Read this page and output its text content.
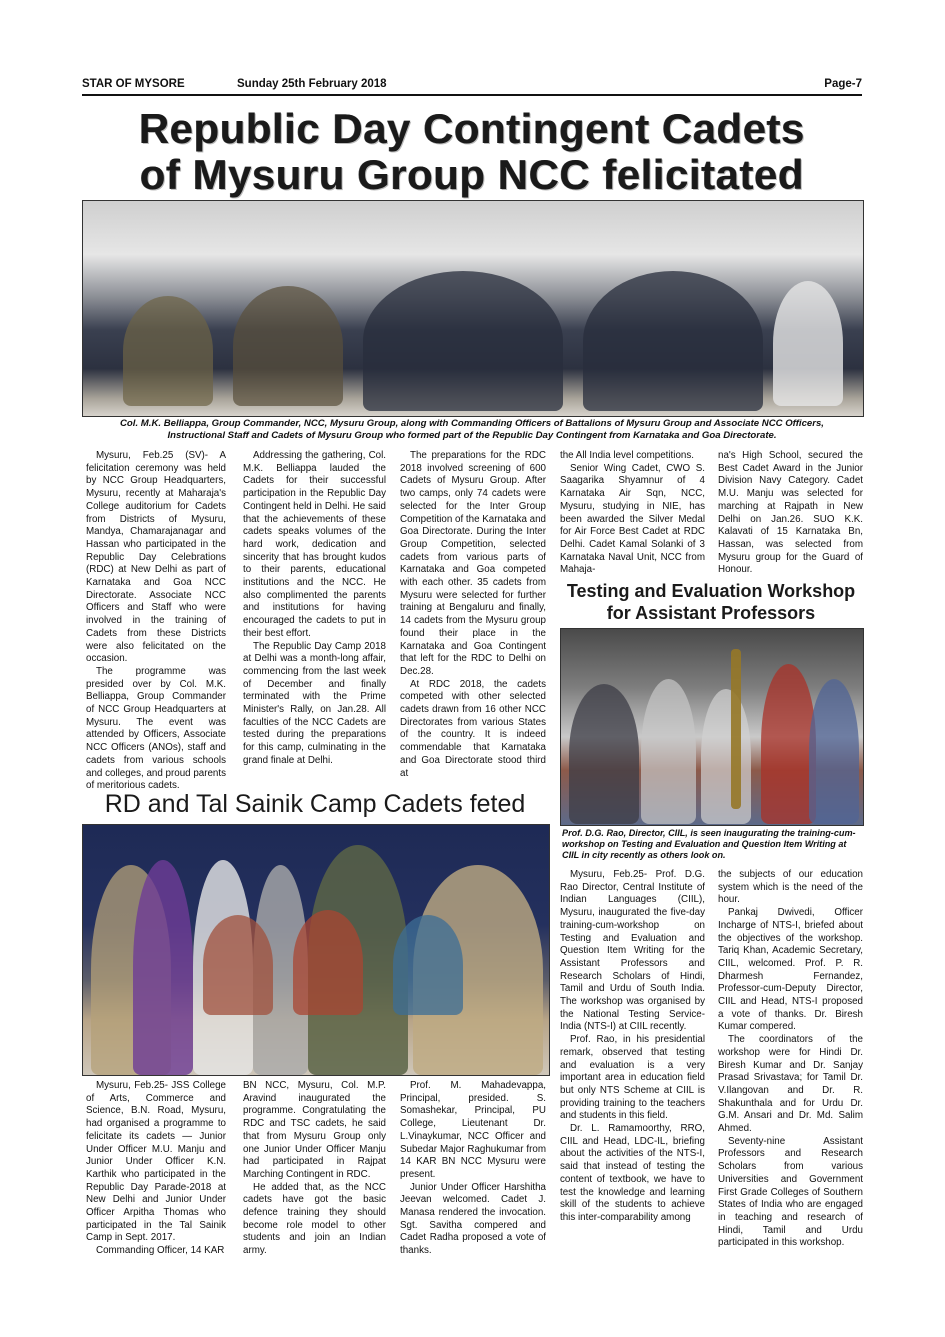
STAR OF MYSORE	Sunday 25th February 2018	Page-7
Republic Day Contingent Cadets
of Mysuru Group NCC felicitated
Col. M.K. Belliappa, Group Commander, NCC, Mysuru Group, along with Commanding Officers of Battalions of Mysuru Group and Associate NCC Officers,
Instructional Staff and Cadets of Mysuru Group who formed part of the Republic Day Contingent from Karnataka and Goa Directorate.

Mysuru, Feb.25 (SV)- A felicitation ceremony was held by NCC Group Headquarters, Mysuru, recently at Maharaja's College auditorium for Cadets from Districts of Mysuru, Mandya, Chamarajanagar and Hassan who participated in the Republic Day Celebrations (RDC) at New Delhi as part of Karnataka and Goa NCC Directorate. Associate NCC Officers and Staff who were involved in the training of Cadets from these Districts were also felicitated on the occasion.

The programme was presided over by Col. M.K. Belliappa, Group Commander of NCC Group Headquarters at Mysuru. The event was attended by Officers, Associate NCC Officers (ANOs), staff and cadets from various schools and colleges, and proud parents of meritorious cadets.

Addressing the gathering, Col. M.K. Belliappa lauded the Cadets for their successful participation in the Republic Day Contingent held in Delhi. He said that the achievements of these cadets speaks volumes of the hard work, dedication and sincerity that has brought kudos to their parents, educational institutions and the NCC. He also complimented the parents and institutions for having encouraged the cadets to put in their best effort.

The Republic Day Camp 2018 at Delhi was a month-long affair, commencing from the last week of December and finally terminated with the Prime Minister's Rally, on Jan.28. All faculties of the NCC Cadets are tested during the preparations for this camp, culminating in the grand finale at Delhi.

The preparations for the RDC 2018 involved screening of 600 Cadets of Mysuru Group. After two camps, only 74 cadets were selected for the Inter Group Competition of the Karnataka and Goa Directorate. During the Inter Group Competition, selected cadets from various parts of Karnataka and Goa competed with each other. 35 cadets from Mysuru were selected for further training at Bengaluru and finally, 14 cadets from the Mysuru group found their place in the Karnataka and Goa Contingent that left for the RDC to Delhi on Dec.28.

At RDC 2018, the cadets competed with other selected cadets drawn from 16 other NCC Directorates from various States of the country. It is indeed commendable that Karnataka and Goa Directorate stood third at

the All India level competitions.

Senior Wing Cadet, CWO S. Saagarika Shyamnur of 4 Karnataka Air Sqn, NCC, Mysuru, studying in NIE, has been awarded the Silver Medal for Air Force Best Cadet at RDC Delhi. Cadet Kamal Solanki of 3 Karnataka Naval Unit, NCC from Mahaja-

na's High School, secured the Best Cadet Award in the Junior Division Navy Category. Cadet M.U. Manju was selected for marching at Rajpath in New Delhi on Jan.26. SUO K.K. Kalavati of 15 Karnataka Bn, Hassan, was selected from Mysuru group for the Guard of Honour.

Testing and Evaluation Workshop
for Assistant Professors
Prof. D.G. Rao, Director, CIIL, is seen inaugurating the training-cum-workshop on Testing and Evaluation and Question Item Writing at CIIL in city recently as others look on.
RD and Tal Sainik Camp Cadets feted

Mysuru, Feb.25- JSS College of Arts, Commerce and Science, B.N. Road, Mysuru, had organised a programme to felicitate its cadets — Junior Under Officer M.U. Manju and Junior Under Officer K.N. Karthik who participated in the Republic Day Parade-2018 at New Delhi and Junior Under Officer Arpitha Thomas who participated in the Tal Sainik Camp in Sept. 2017.

Commanding Officer, 14 KAR

BN NCC, Mysuru, Col. M.P. Aravind inaugurated the programme. Congratulating the RDC and TSC cadets, he said that from Mysuru Group only one Junior Under Officer Manju had participated in Rajpat Marching Contingent in RDC.

He added that, as the NCC cadets have got the basic defence training they should become role model to other students and join an Indian army.

Prof. M. Mahadevappa, Principal, presided. S. Somashekar, Principal, PU College, Lieutenant Dr. L.Vinaykumar, NCC Officer and Subedar Major Raghukumar from 14 KAR BN NCC Mysuru were present.

Junior Under Officer Harshitha Jeevan welcomed. Cadet J. Manasa rendered the invocation. Sgt. Savitha compered and Cadet Radha proposed a vote of thanks.

Mysuru, Feb.25- Prof. D.G. Rao Director, Central Institute of Indian Languages (CIIL), Mysuru, inaugurated the five-day training-cum-workshop on Testing and Evaluation and Question Item Writing for the Assistant Professors and Research Scholars of Hindi, Tamil and Urdu of South India. The workshop was organised by the National Testing Service-India (NTS-I) at CIIL recently.

Prof. Rao, in his presidential remark, observed that testing and evaluation is a very important area in education field but only NTS Scheme at CIIL is providing training to the teachers and students in this field.

Dr. L. Ramamoorthy, RRO, CIIL and Head, LDC-IL, briefing about the activities of the NTS-I, said that instead of testing the content of textbook, we have to test the knowledge and learning skill of the students to achieve this inter-comparability among

the subjects of our education system which is the need of the hour.

Pankaj Dwivedi, Officer Incharge of NTS-I, briefed about the objectives of the workshop. Tariq Khan, Academic Secretary, CIIL, welcomed. Prof. P. R. Dharmesh Fernandez, Professor-cum-Deputy Director, CIIL and Head, NTS-I proposed a vote of thanks. Dr. Biresh Kumar compered.

The coordinators of the workshop were for Hindi Dr. Biresh Kumar and Dr. Sanjay Prasad Srivastava; for Tamil Dr. V.Ilangovan and Dr. R. Shakunthala and for Urdu Dr. G.M. Ansari and Dr. Md. Salim Ahmed.

Seventy-nine Assistant Professors and Research Scholars from various Universities and Government First Grade Colleges of Southern States of India who are engaged in teaching and research of Hindi, Tamil and Urdu participated in this workshop.
